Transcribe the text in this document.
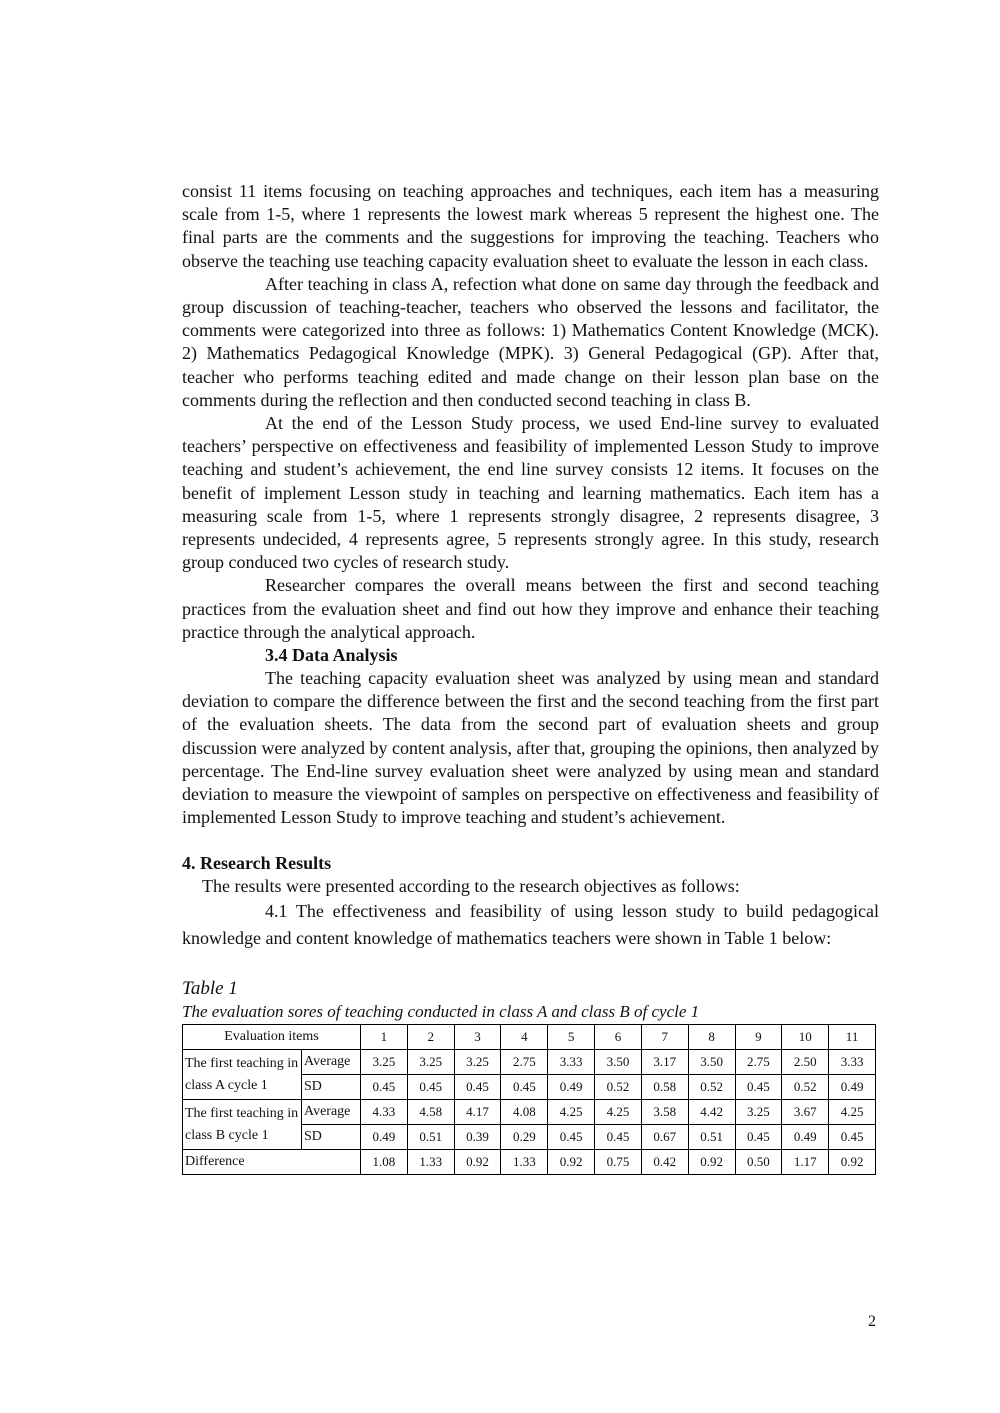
consist 11 items focusing on teaching approaches and techniques, each item has a measuring scale from 1-5, where 1 represents the lowest mark whereas 5 represent the highest one. The final parts are the comments and the suggestions for improving the teaching. Teachers who observe the teaching use teaching capacity evaluation sheet to evaluate the lesson in each class.

After teaching in class A, refection what done on same day through the feedback and group discussion of teaching-teacher, teachers who observed the lessons and facilitator, the comments were categorized into three as follows: 1) Mathematics Content Knowledge (MCK). 2) Mathematics Pedagogical Knowledge (MPK). 3) General Pedagogical (GP). After that, teacher who performs teaching edited and made change on their lesson plan base on the comments during the reflection and then conducted second teaching in class B.

At the end of the Lesson Study process, we used End-line survey to evaluated teachers’ perspective on effectiveness and feasibility of implemented Lesson Study to improve teaching and student’s achievement, the end line survey consists 12 items. It focuses on the benefit of implement Lesson study in teaching and learning mathematics. Each item has a measuring scale from 1-5, where 1 represents strongly disagree, 2 represents disagree, 3 represents undecided, 4 represents agree, 5 represents strongly agree. In this study, research group conduced two cycles of research study.

Researcher compares the overall means between the first and second teaching practices from the evaluation sheet and find out how they improve and enhance their teaching practice through the analytical approach.

3.4 Data Analysis

The teaching capacity evaluation sheet was analyzed by using mean and standard deviation to compare the difference between the first and the second teaching from the first part of the evaluation sheets. The data from the second part of evaluation sheets and group discussion were analyzed by content analysis, after that, grouping the opinions, then analyzed by percentage. The End-line survey evaluation sheet were analyzed by using mean and standard deviation to measure the viewpoint of samples on perspective on effectiveness and feasibility of implemented Lesson Study to improve teaching and student’s achievement.

4. Research Results

The results were presented according to the research objectives as follows:

4.1 The effectiveness and feasibility of using lesson study to build pedagogical knowledge and content knowledge of mathematics teachers were shown in Table 1 below:

Table 1

The evaluation sores of teaching conducted in class A and class B of cycle 1

Evaluation items		1	2	3	4	5	6	7	8	9	10	11
The first teaching in class A cycle 1	Average	3.25	3.25	3.25	2.75	3.33	3.50	3.17	3.50	2.75	2.50	3.33
	SD	0.45	0.45	0.45	0.45	0.49	0.52	0.58	0.52	0.45	0.52	0.49
The first teaching in class B cycle 1	Average	4.33	4.58	4.17	4.08	4.25	4.25	3.58	4.42	3.25	3.67	4.25
	SD	0.49	0.51	0.39	0.29	0.45	0.45	0.67	0.51	0.45	0.49	0.45
Difference		1.08	1.33	0.92	1.33	0.92	0.75	0.42	0.92	0.50	1.17	0.92
2
